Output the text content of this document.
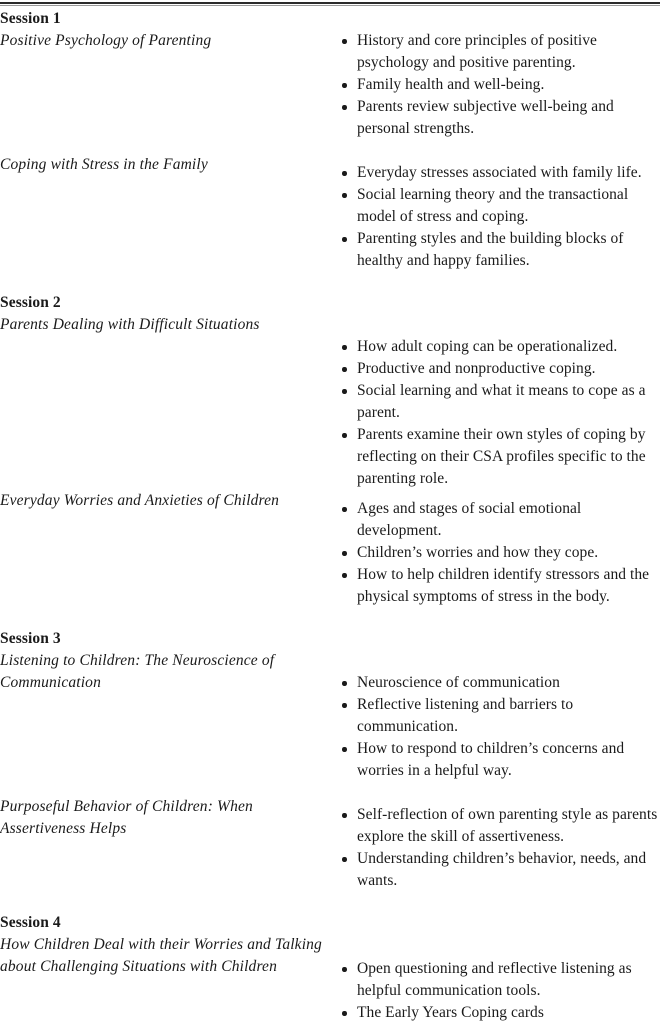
Session 1
Positive Psychology of Parenting	History and core principles of positive psychology and positive parenting.
Family health and well-being.
Parents review subjective well-being and personal strengths.

Coping with Stress in the Family	Everyday stresses associated with family life.
Social learning theory and the transactional model of stress and coping.
Parenting styles and the building blocks of healthy and happy families.

Session 2
Parents Dealing with Difficult Situations

How adult coping can be operationalized.
Productive and nonproductive coping.
Social learning and what it means to cope as a parent.
Parents examine their own styles of coping by reflecting on their CSA profiles specific to the parenting role.

Everyday Worries and Anxieties of Children	Ages and stages of social emotional development.
Children’s worries and how they cope.
How to help children identify stressors and the physical symptoms of stress in the body.

Session 3
Listening to Children: The Neuroscience of Communication	Neuroscience of communication
Reflective listening and barriers to communication.
How to respond to children’s concerns and worries in a helpful way.

Purposeful Behavior of Children: When Assertiveness Helps

Self-reflection of own parenting style as parents explore the skill of assertiveness.
Understanding children’s behavior, needs, and wants.

Session 4
How Children Deal with their Worries and Talking about Challenging Situations with Children	Open questioning and reflective listening as helpful communication tools.
The Early Years Coping cards
